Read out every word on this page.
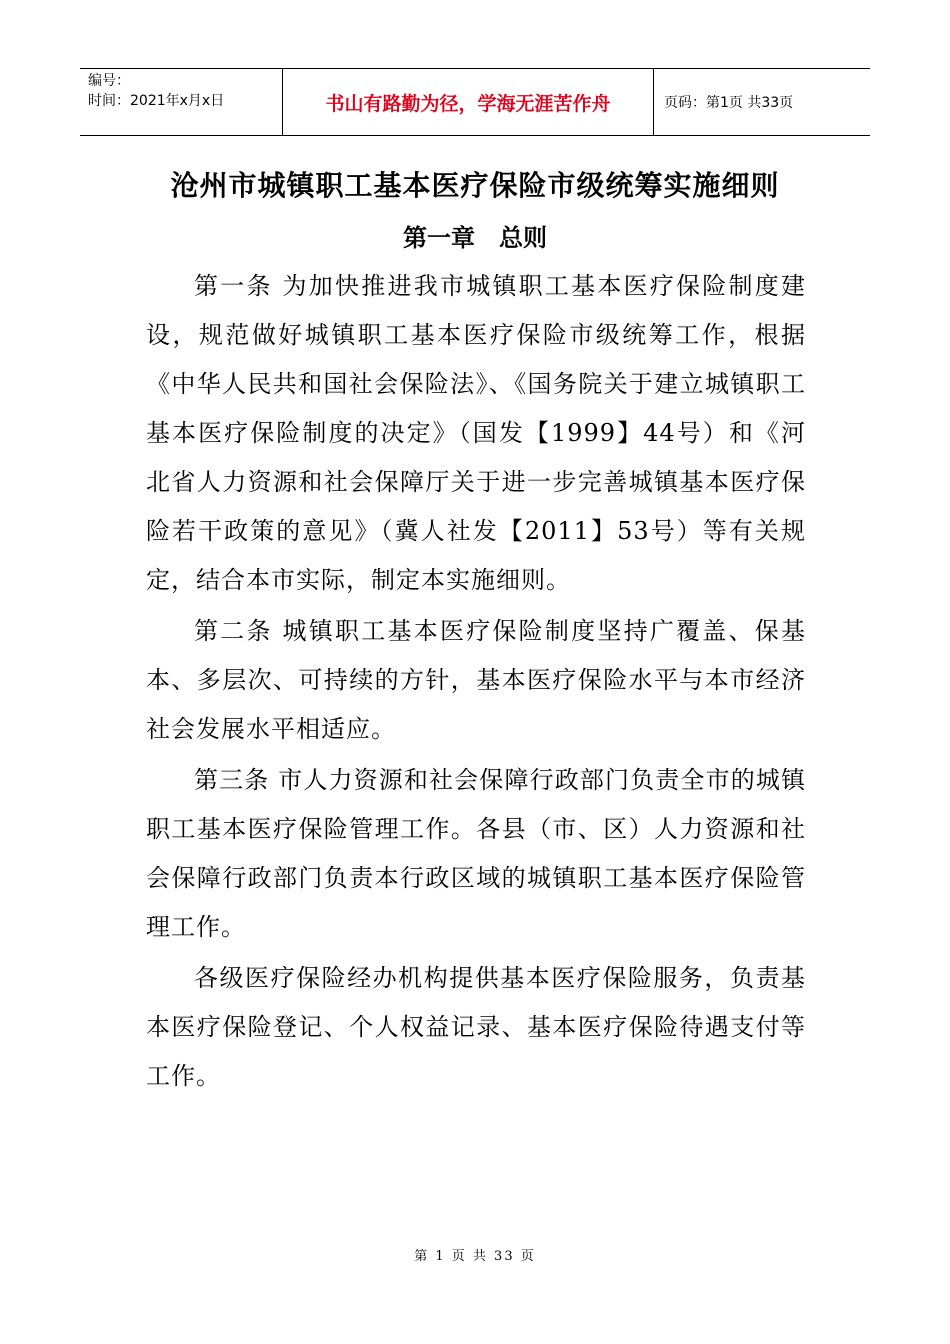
编号：
时间：2021年x月x日	书山有路勤为径，学海无涯苦作舟	页码：第1页 共33页
沧州市城镇职工基本医疗保险市级统筹实施细则
第一章　总则

第一条 为加快推进我市城镇职工基本医疗保险制度建设，规范做好城镇职工基本医疗保险市级统筹工作，根据《中华人民共和国社会保险法》、《国务院关于建立城镇职工基本医疗保险制度的决定》（国发【1999】44号）和《河北省人力资源和社会保障厅关于进一步完善城镇基本医疗保险若干政策的意见》（冀人社发【2011】53号）等有关规定，结合本市实际，制定本实施细则。

第二条 城镇职工基本医疗保险制度坚持广覆盖、保基本、多层次、可持续的方针，基本医疗保险水平与本市经济社会发展水平相适应。

第三条 市人力资源和社会保障行政部门负责全市的城镇职工基本医疗保险管理工作。各县（市、区）人力资源和社会保障行政部门负责本行政区域的城镇职工基本医疗保险管理工作。

各级医疗保险经办机构提供基本医疗保险服务，负责基本医疗保险登记、个人权益记录、基本医疗保险待遇支付等工作。

第 1 页 共 33 页
